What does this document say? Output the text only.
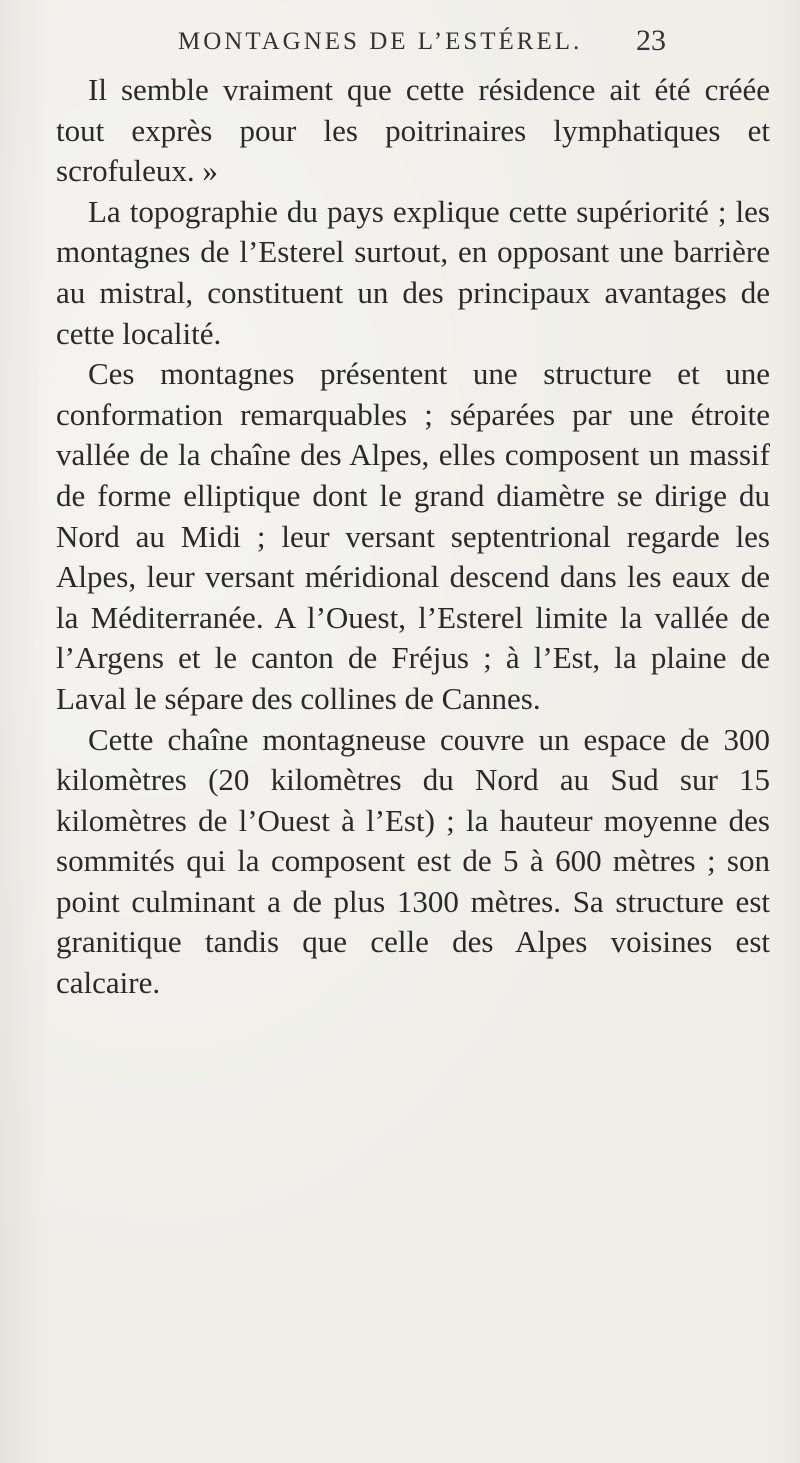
MONTAGNES DE L’ESTÉREL. 23

Il semble vraiment que cette résidence ait été créée tout exprès pour les poitrinaires lymphatiques et scrofuleux. »

La topographie du pays explique cette supériorité ; les montagnes de l’Esterel surtout, en opposant une barrière au mistral, constituent un des principaux avantages de cette localité.

Ces montagnes présentent une structure et une conformation remarquables ; séparées par une étroite vallée de la chaîne des Alpes, elles composent un massif de forme elliptique dont le grand diamètre se dirige du Nord au Midi ; leur versant septentrional regarde les Alpes, leur versant méridional descend dans les eaux de la Méditerranée. A l’Ouest, l’Esterel limite la vallée de l’Argens et le canton de Fréjus ; à l’Est, la plaine de Laval le sépare des collines de Cannes.

Cette chaîne montagneuse couvre un espace de 300 kilomètres (20 kilomètres du Nord au Sud sur 15 kilomètres de l’Ouest à l’Est) ; la hauteur moyenne des sommités qui la composent est de 5 à 600 mètres ; son point culminant a de plus 1300 mètres. Sa structure est granitique tandis que celle des Alpes voisines est calcaire.
